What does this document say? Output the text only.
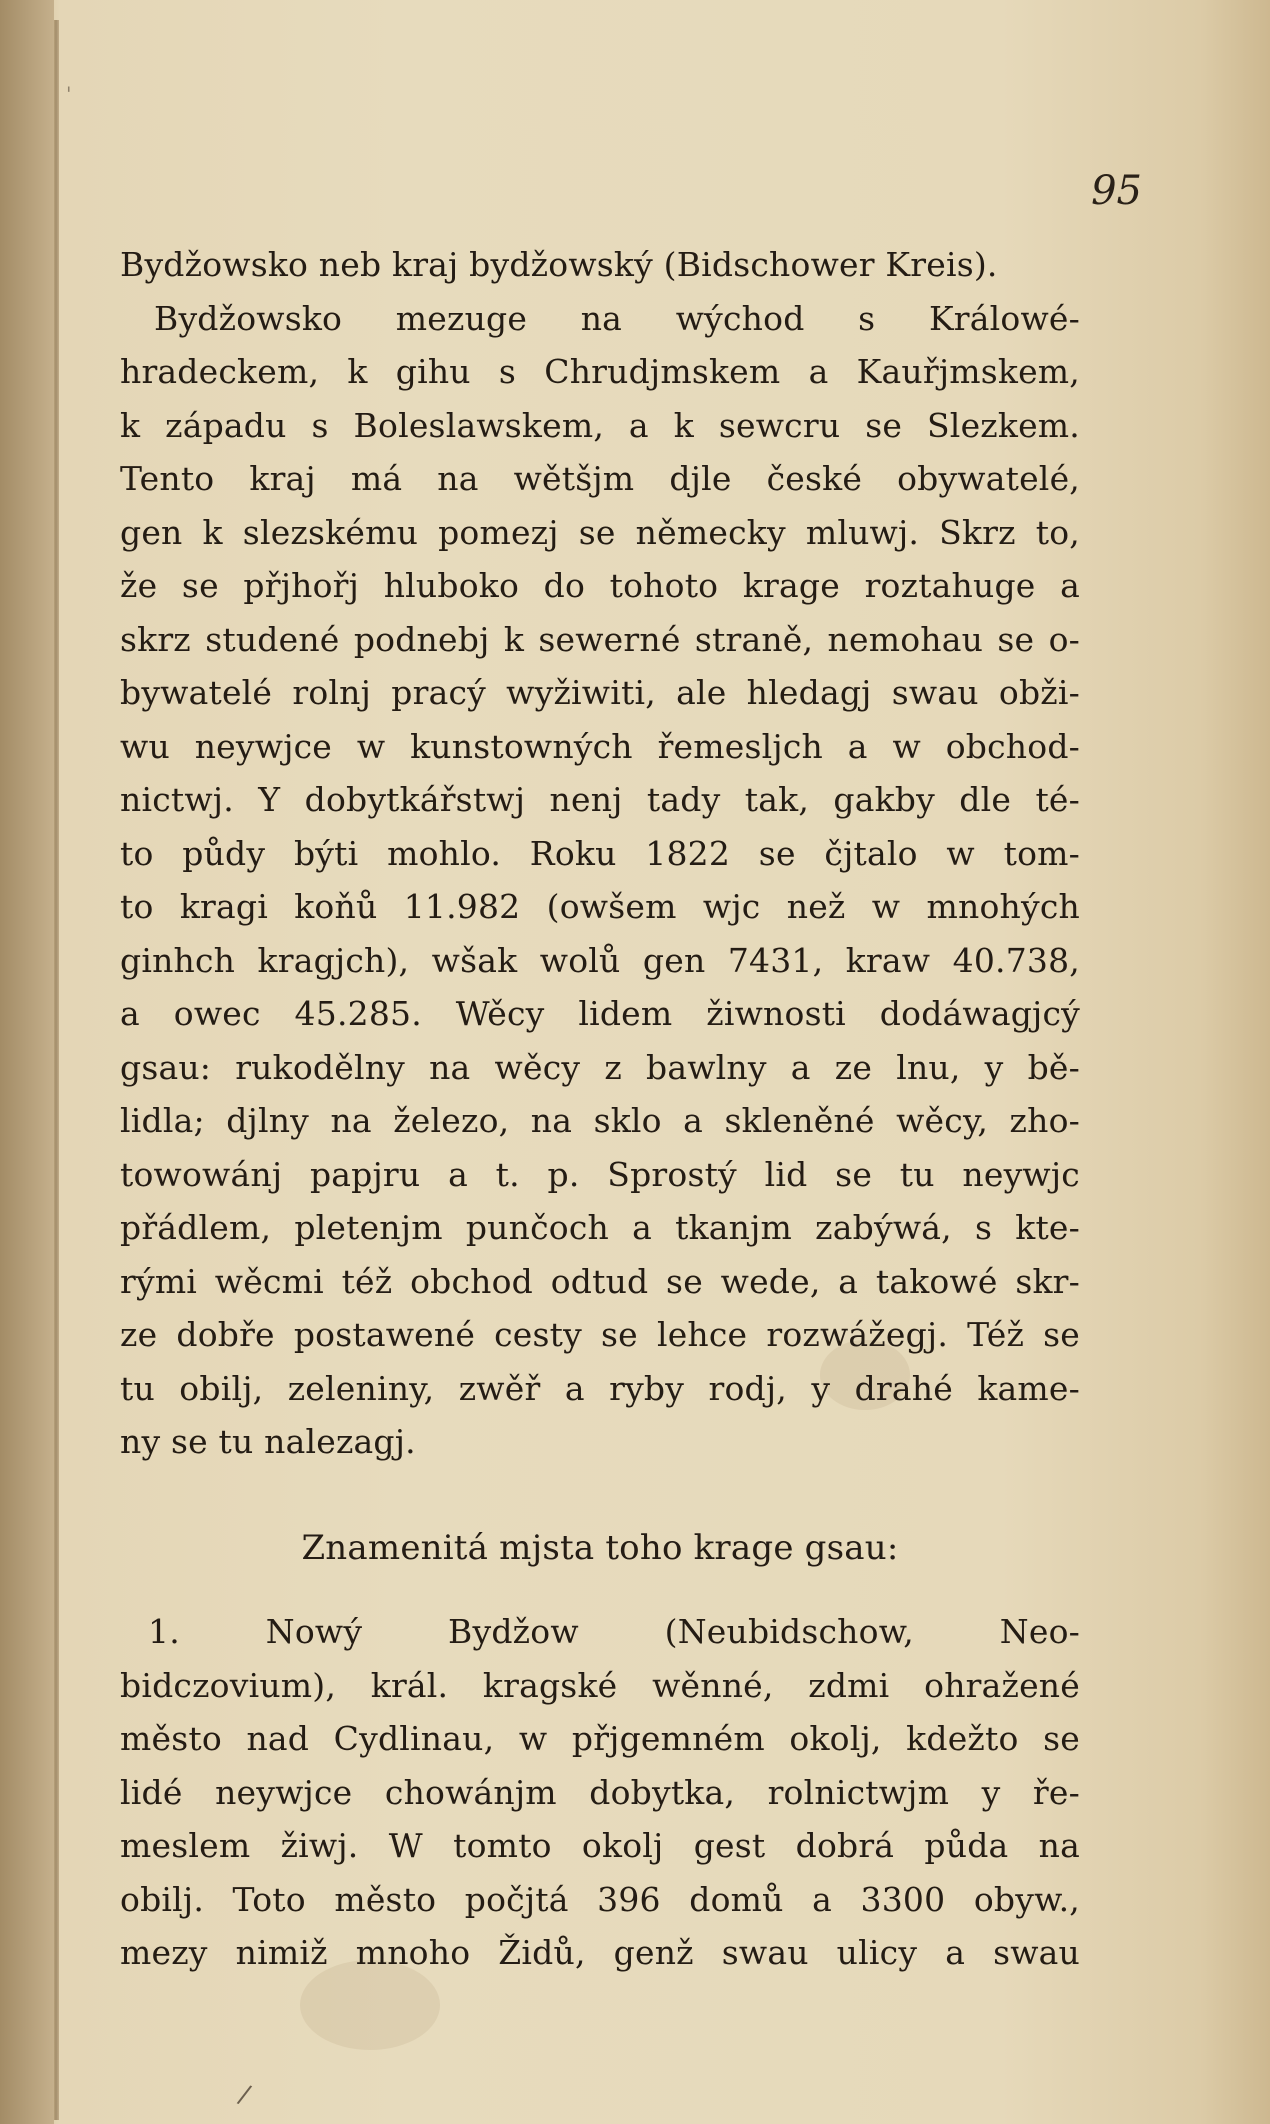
95
Bydžowsko neb kraj bydžowský (Bidschower Kreis).
Bydžowsko mezuge na wýchod s Králowé-
hradeckem, k gihu s Chrudjmskem a Kauřjmskem,
k západu s Boleslawskem, a k sewcru se Slezkem.
Tento kraj má na wětšjm djle české obywatelé,
gen k slezskému pomezj se německy mluwj. Skrz to,
že se přjhořj hluboko do tohoto krage roztahuge a
skrz studené podnebj k sewerné straně, nemohau se o-
bywatelé rolnj pracý wyžiwiti, ale hledagj swau obži-
wu neywjce w kunstowných řemesljch a w obchod-
nictwj. Y dobytkářstwj nenj tady tak, gakby dle té-
to půdy býti mohlo. Roku 1822 se čjtalo w tom-
to kragi koňů 11.982 (owšem wjc než w mnohých
ginhch kragjch), wšak wolů gen 7431, kraw 40.738,
a owec 45.285. Wěcy lidem žiwnosti dodáwagjcý
gsau: rukodělny na wěcy z bawlny a ze lnu, y bě-
lidla; djlny na železo, na sklo a skleněné wěcy, zho-
towowánj papjru a t. p. Sprostý lid se tu neywjc
přádlem, pletenjm punčoch a tkanjm zabýwá, s kte-
rými wěcmi též obchod odtud se wede, a takowé skr-
ze dobře postawené cesty se lehce rozwážegj. Též se
tu obilj, zeleniny, zwěř a ryby rodj, y drahé kame-
ny se tu nalezagj.
Znamenitá mjsta toho krage gsau:
1. Nowý Bydžow (Neubidschow, Neo-
bidczovium), král. kragské wěnné, zdmi ohražené
město nad Cydlinau, w přjgemném okolj, kdežto se
lidé neywjce chowánjm dobytka, rolnictwjm y ře-
meslem žiwj. W tomto okolj gest dobrá půda na
obilj. Toto město počjtá 396 domů a 3300 obyw.,
mezy nimiž mnoho Židů, genž swau ulicy a swau
/
'
